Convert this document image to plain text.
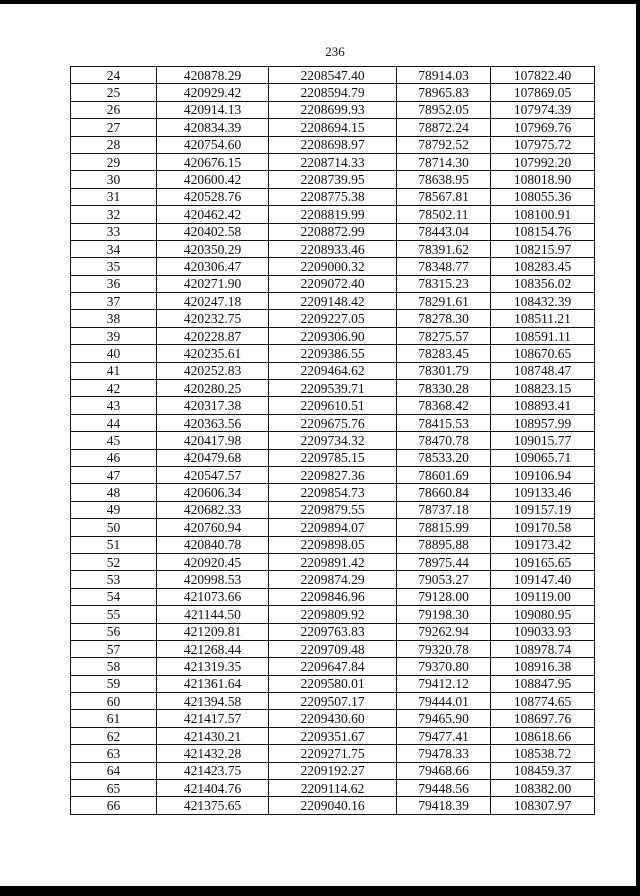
236
24	420878.29	2208547.40	78914.03	107822.40
25	420929.42	2208594.79	78965.83	107869.05
26	420914.13	2208699.93	78952.05	107974.39
27	420834.39	2208694.15	78872.24	107969.76
28	420754.60	2208698.97	78792.52	107975.72
29	420676.15	2208714.33	78714.30	107992.20
30	420600.42	2208739.95	78638.95	108018.90
31	420528.76	2208775.38	78567.81	108055.36
32	420462.42	2208819.99	78502.11	108100.91
33	420402.58	2208872.99	78443.04	108154.76
34	420350.29	2208933.46	78391.62	108215.97
35	420306.47	2209000.32	78348.77	108283.45
36	420271.90	2209072.40	78315.23	108356.02
37	420247.18	2209148.42	78291.61	108432.39
38	420232.75	2209227.05	78278.30	108511.21
39	420228.87	2209306.90	78275.57	108591.11
40	420235.61	2209386.55	78283.45	108670.65
41	420252.83	2209464.62	78301.79	108748.47
42	420280.25	2209539.71	78330.28	108823.15
43	420317.38	2209610.51	78368.42	108893.41
44	420363.56	2209675.76	78415.53	108957.99
45	420417.98	2209734.32	78470.78	109015.77
46	420479.68	2209785.15	78533.20	109065.71
47	420547.57	2209827.36	78601.69	109106.94
48	420606.34	2209854.73	78660.84	109133.46
49	420682.33	2209879.55	78737.18	109157.19
50	420760.94	2209894.07	78815.99	109170.58
51	420840.78	2209898.05	78895.88	109173.42
52	420920.45	2209891.42	78975.44	109165.65
53	420998.53	2209874.29	79053.27	109147.40
54	421073.66	2209846.96	79128.00	109119.00
55	421144.50	2209809.92	79198.30	109080.95
56	421209.81	2209763.83	79262.94	109033.93
57	421268.44	2209709.48	79320.78	108978.74
58	421319.35	2209647.84	79370.80	108916.38
59	421361.64	2209580.01	79412.12	108847.95
60	421394.58	2209507.17	79444.01	108774.65
61	421417.57	2209430.60	79465.90	108697.76
62	421430.21	2209351.67	79477.41	108618.66
63	421432.28	2209271.75	79478.33	108538.72
64	421423.75	2209192.27	79468.66	108459.37
65	421404.76	2209114.62	79448.56	108382.00
66	421375.65	2209040.16	79418.39	108307.97
